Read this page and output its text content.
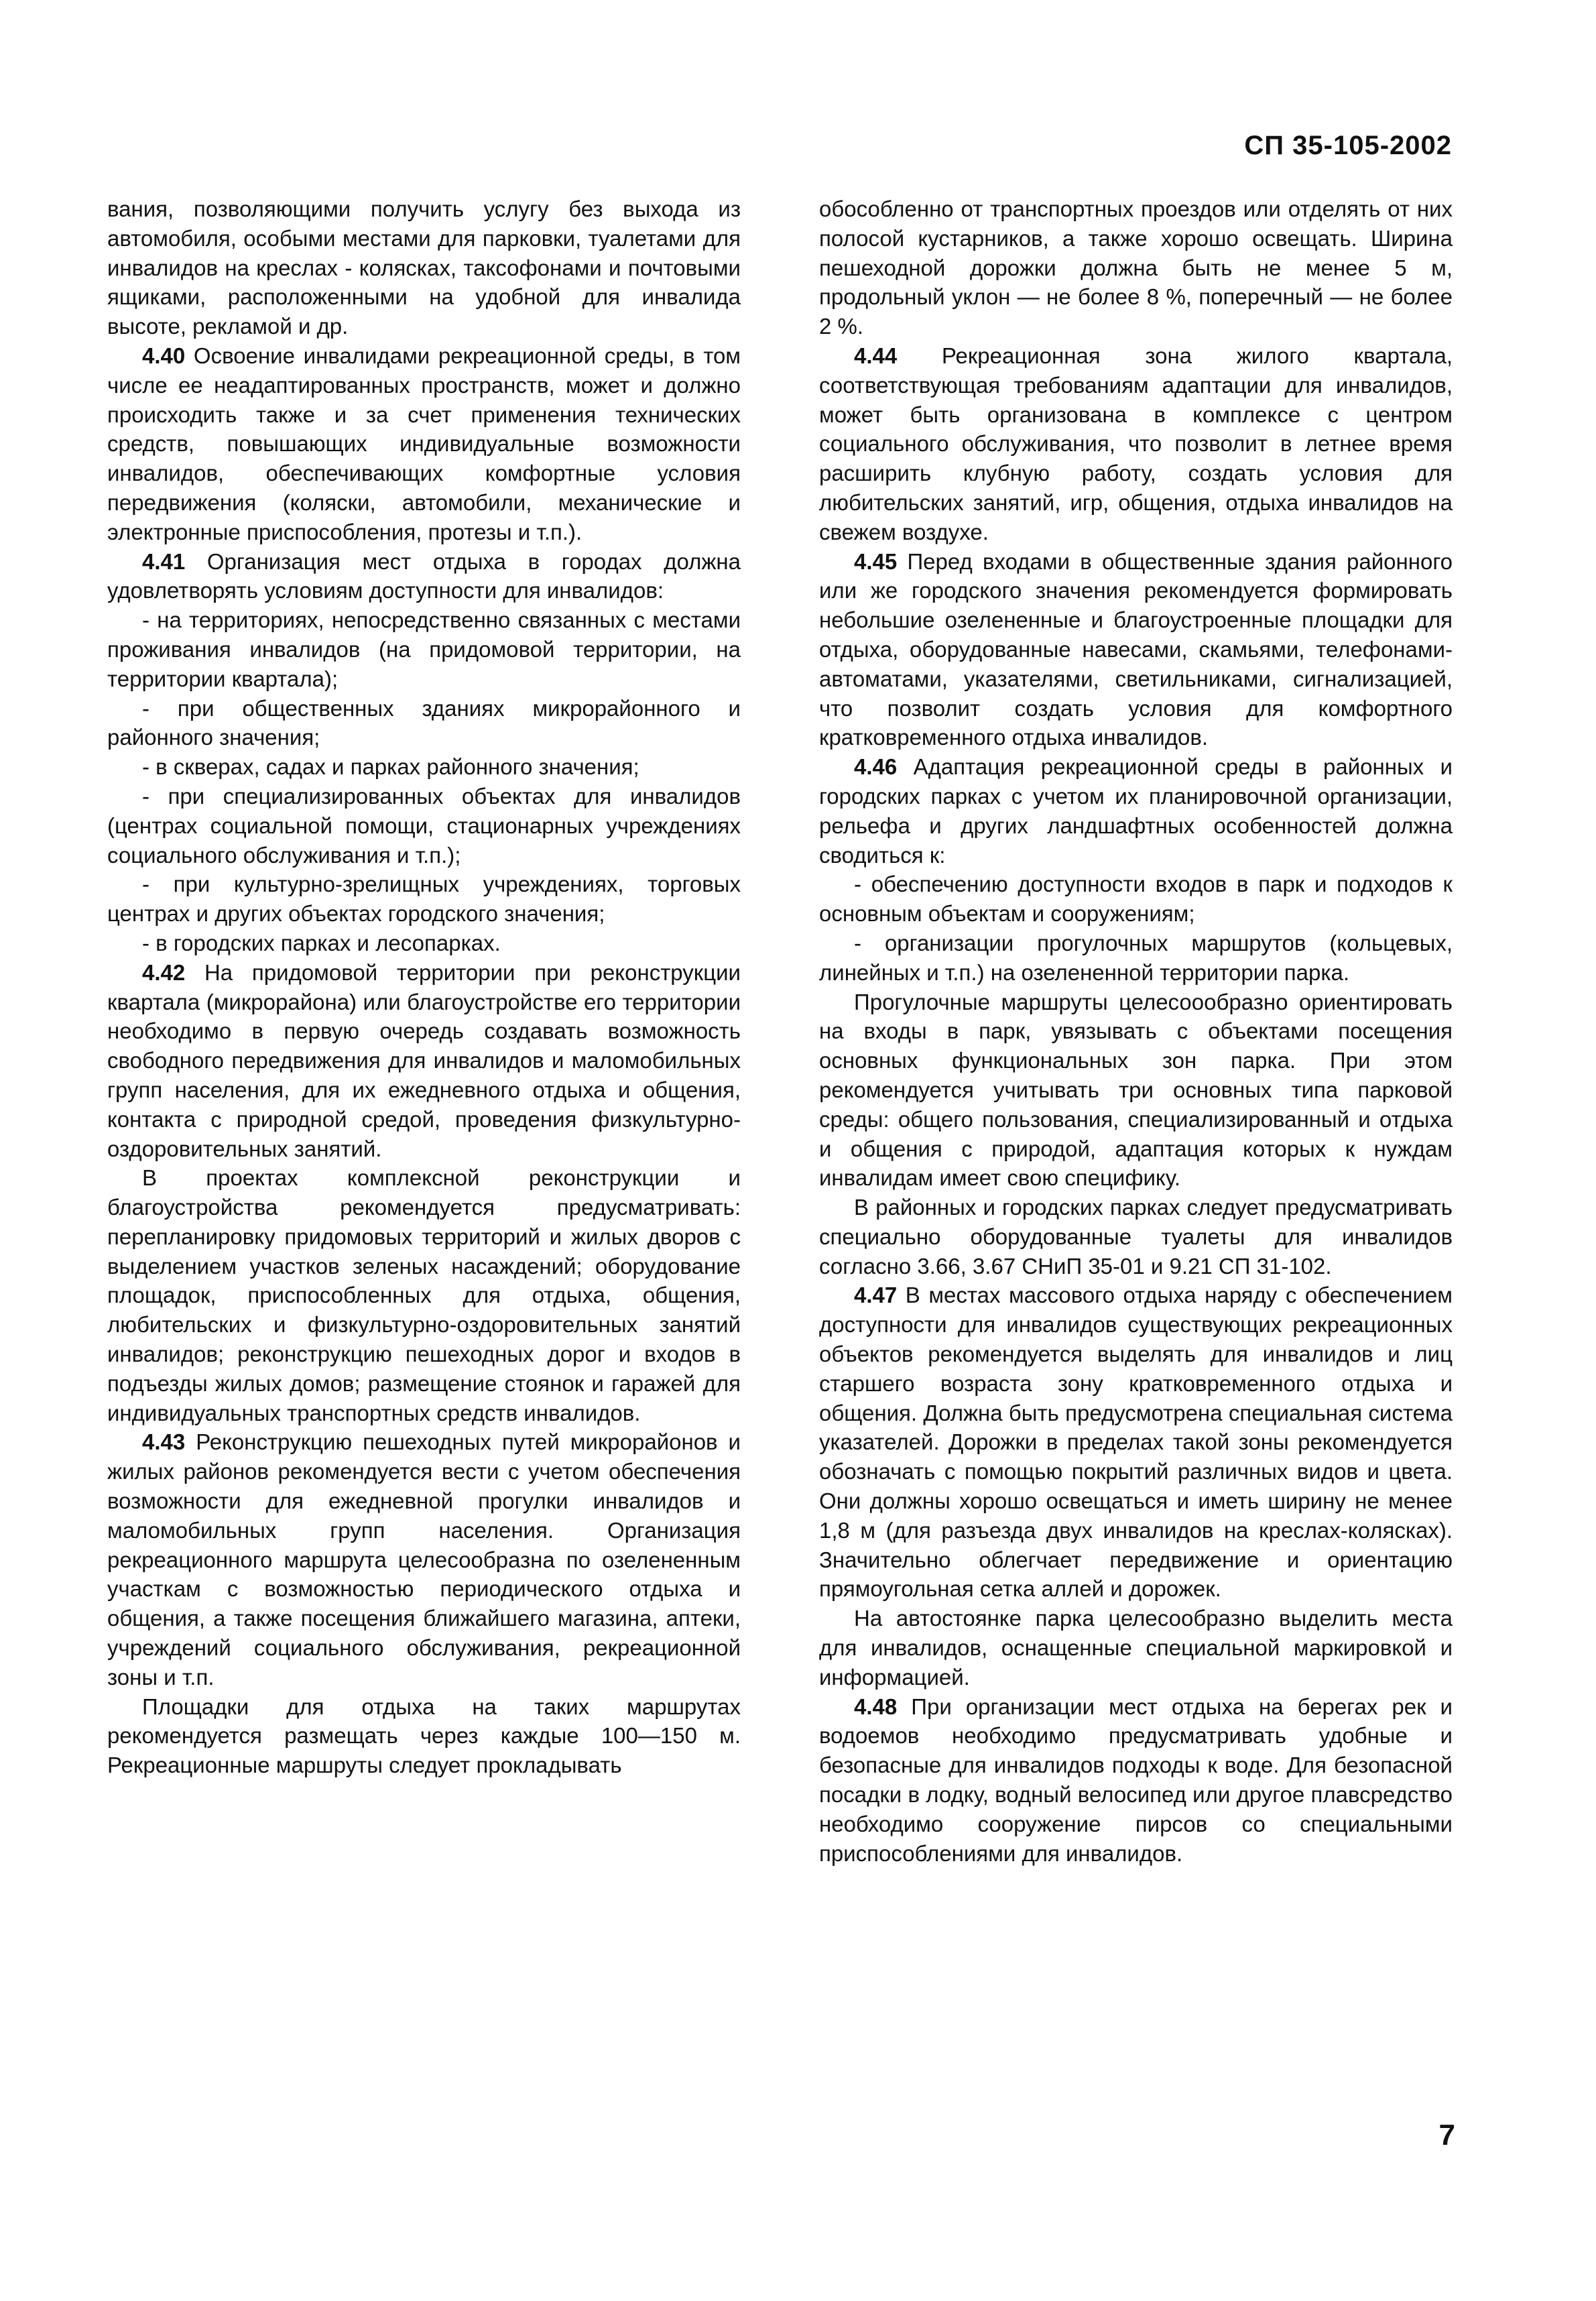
СП 35-105-2002

вания, позволяющими получить услугу без выхода из автомобиля, особыми местами для парковки, туалетами для инвалидов на креслах - колясках, таксофонами и почтовыми ящиками, расположенными на удобной для инвалида высоте, рекламой и др.

4.40 Освоение инвалидами рекреационной среды, в том числе ее неадаптированных пространств, может и должно происходить также и за счет применения технических средств, повышающих индивидуальные возможности инвалидов, обеспечивающих комфортные условия передвижения (коляски, автомобили, механические и электронные приспособления, протезы и т.п.).

4.41 Организация мест отдыха в городах должна удовлетворять условиям доступности для инвалидов:

- на территориях, непосредственно связанных с местами проживания инвалидов (на придомовой территории, на территории квартала);

- при общественных зданиях микрорайонного и районного значения;

- в скверах, садах и парках районного значения;

- при специализированных объектах для инвалидов (центрах социальной помощи, стационарных учреждениях социального обслуживания и т.п.);

- при культурно-зрелищных учреждениях, торговых центрах и других объектах городского значения;

- в городских парках и лесопарках.

4.42 На придомовой территории при реконструкции квартала (микрорайона) или благоустройстве его территории необходимо в первую очередь создавать возможность свободного передвижения для инвалидов и маломобильных групп населения, для их ежедневного отдыха и общения, контакта с природной средой, проведения физкультурно-оздоровительных занятий.

В проектах комплексной реконструкции и благоустройства рекомендуется предусматривать: перепланировку придомовых территорий и жилых дворов с выделением участков зеленых насаждений; оборудование площадок, приспособленных для отдыха, общения, любительских и физкультурно-оздоровительных занятий инвалидов; реконструкцию пешеходных дорог и входов в подъезды жилых домов; размещение стоянок и гаражей для индивидуальных транспортных средств инвалидов.

4.43 Реконструкцию пешеходных путей микрорайонов и жилых районов рекомендуется вести с учетом обеспечения возможности для ежедневной прогулки инвалидов и маломобильных групп населения. Организация рекреационного маршрута целесообразна по озелененным участкам с возможностью периодического отдыха и общения, а также посещения ближайшего магазина, аптеки, учреждений социального обслуживания, рекреационной зоны и т.п.

Площадки для отдыха на таких маршрутах рекомендуется размещать через каждые 100—150 м. Рекреационные маршруты следует прокладывать

обособленно от транспортных проездов или отделять от них полосой кустарников, а также хорошо освещать. Ширина пешеходной дорожки должна быть не менее 5 м, продольный уклон — не более 8 %, поперечный — не более 2 %.

4.44 Рекреационная зона жилого квартала, соответствующая требованиям адаптации для инвалидов, может быть организована в комплексе с центром социального обслуживания, что позволит в летнее время расширить клубную работу, создать условия для любительских занятий, игр, общения, отдыха инвалидов на свежем воздухе.

4.45 Перед входами в общественные здания районного или же городского значения рекомендуется формировать небольшие озелененные и благоустроенные площадки для отдыха, оборудованные навесами, скамьями, телефонами-автоматами, указателями, светильниками, сигнализацией, что позволит создать условия для комфортного кратковременного отдыха инвалидов.

4.46 Адаптация рекреационной среды в районных и городских парках с учетом их планировочной организации, рельефа и других ландшафтных особенностей должна сводиться к:

- обеспечению доступности входов в парк и подходов к основным объектам и сооружениям;

- организации прогулочных маршрутов (кольцевых, линейных и т.п.) на озелененной территории парка.

Прогулочные маршруты целесоообразно ориентировать на входы в парк, увязывать с объектами посещения основных функциональных зон парка. При этом рекомендуется учитывать три основных типа парковой среды: общего пользования, специализированный и отдыха и общения с природой, адаптация которых к нуждам инвалидам имеет свою специфику.

В районных и городских парках следует предусматривать специально оборудованные туалеты для инвалидов согласно 3.66, 3.67 СНиП 35-01 и 9.21 СП 31-102.

4.47 В местах массового отдыха наряду с обеспечением доступности для инвалидов существующих рекреационных объектов рекомендуется выделять для инвалидов и лиц старшего возраста зону кратковременного отдыха и общения. Должна быть предусмотрена специальная система указателей. Дорожки в пределах такой зоны рекомендуется обозначать с помощью покрытий различных видов и цвета. Они должны хорошо освещаться и иметь ширину не менее 1,8 м (для разъезда двух инвалидов на креслах-колясках). Значительно облегчает передвижение и ориентацию прямоугольная сетка аллей и дорожек.

На автостоянке парка целесообразно выделить места для инвалидов, оснащенные специальной маркировкой и информацией.

4.48 При организации мест отдыха на берегах рек и водоемов необходимо предусматривать удобные и безопасные для инвалидов подходы к воде. Для безопасной посадки в лодку, водный велосипед или другое плавсредство необходимо сооружение пирсов со специальными приспособлениями для инвалидов.

7
